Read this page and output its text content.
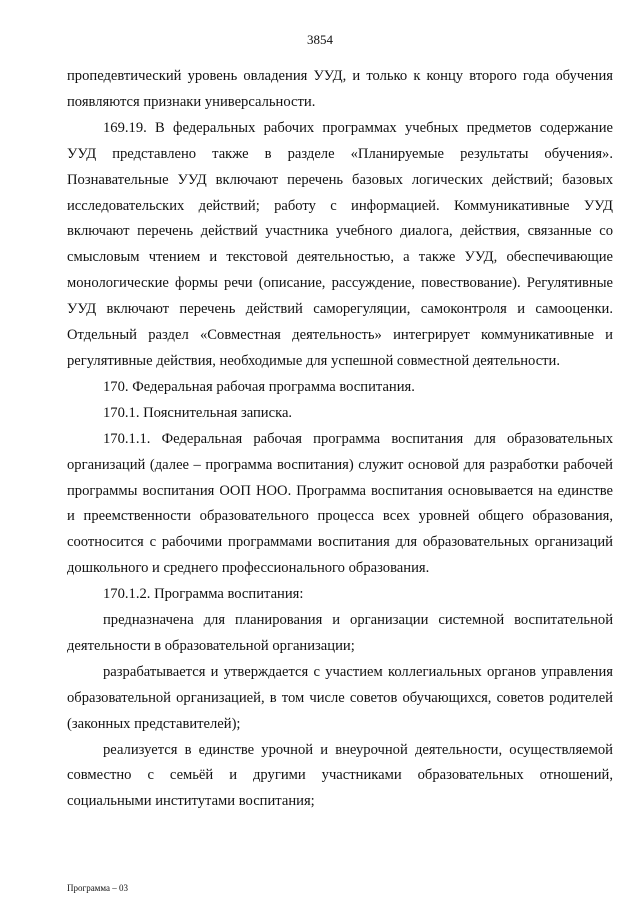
3854

пропедевтический уровень овладения УУД, и только к концу второго года обучения появляются признаки универсальности.

169.19. В федеральных рабочих программах учебных предметов содержание УУД представлено также в разделе «Планируемые результаты обучения». Познавательные УУД включают перечень базовых логических действий; базовых исследовательских действий; работу с информацией. Коммуникативные УУД включают перечень действий участника учебного диалога, действия, связанные со смысловым чтением и текстовой деятельностью, а также УУД, обеспечивающие монологические формы речи (описание, рассуждение, повествование). Регулятивные УУД включают перечень действий саморегуляции, самоконтроля и самооценки. Отдельный раздел «Совместная деятельность» интегрирует коммуникативные и регулятивные действия, необходимые для успешной совместной деятельности.

170. Федеральная рабочая программа воспитания.

170.1. Пояснительная записка.

170.1.1. Федеральная рабочая программа воспитания для образовательных организаций (далее – программа воспитания) служит основой для разработки рабочей программы воспитания ООП НОО. Программа воспитания основывается на единстве и преемственности образовательного процесса всех уровней общего образования, соотносится с рабочими программами воспитания для образовательных организаций дошкольного и среднего профессионального образования.

170.1.2. Программа воспитания:

предназначена для планирования и организации системной воспитательной деятельности в образовательной организации;

разрабатывается и утверждается с участием коллегиальных органов управления образовательной организацией, в том числе советов обучающихся, советов родителей (законных представителей);

реализуется в единстве урочной и внеурочной деятельности, осуществляемой совместно с семьёй и другими участниками образовательных отношений, социальными институтами воспитания;

Программа – 03
